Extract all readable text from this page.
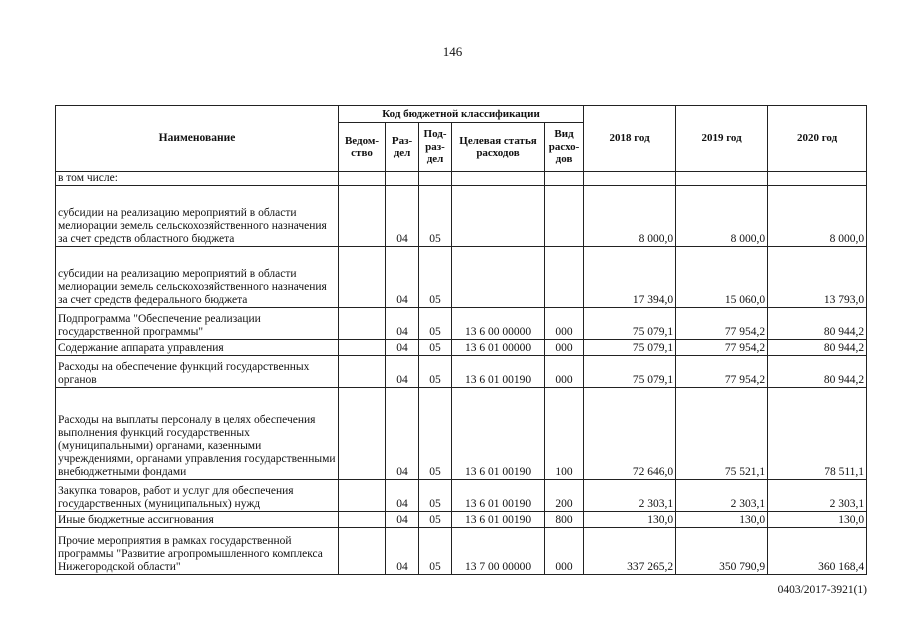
146
Наименование	Код бюджетной классификации					2018 год	2019 год	2020 год
	Ведом-ство	Раз-дел	Под-раз-дел	Целевая статья расходов	Вид расхо-дов			
в том числе:								
субсидии на реализацию мероприятий в области мелиорации земель сельскохозяйственного назначения за счет средств областного бюджета		04	05			8 000,0	8 000,0	8 000,0
субсидии на реализацию мероприятий в области мелиорации земель сельскохозяйственного назначения за счет средств федерального бюджета		04	05			17 394,0	15 060,0	13 793,0
Подпрограмма "Обеспечение реализации государственной программы"		04	05	13 6 00 00000	000	75 079,1	77 954,2	80 944,2
Содержание аппарата управления		04	05	13 6 01 00000	000	75 079,1	77 954,2	80 944,2
Расходы на обеспечение функций государственных органов		04	05	13 6 01 00190	000	75 079,1	77 954,2	80 944,2
Расходы на выплаты персоналу в целях обеспечения выполнения функций государственных (муниципальными) органами, казенными учреждениями, органами управления государственными внебюджетными фондами		04	05	13 6 01 00190	100	72 646,0	75 521,1	78 511,1
Закупка товаров, работ и услуг для обеспечения государственных (муниципальных) нужд		04	05	13 6 01 00190	200	2 303,1	2 303,1	2 303,1
Иные бюджетные ассигнования		04	05	13 6 01 00190	800	130,0	130,0	130,0
Прочие мероприятия в рамках государственной программы "Развитие агропромышленного комплекса Нижегородской области"		04	05	13 7 00 00000	000	337 265,2	350 790,9	360 168,4
0403/2017-3921(1)
